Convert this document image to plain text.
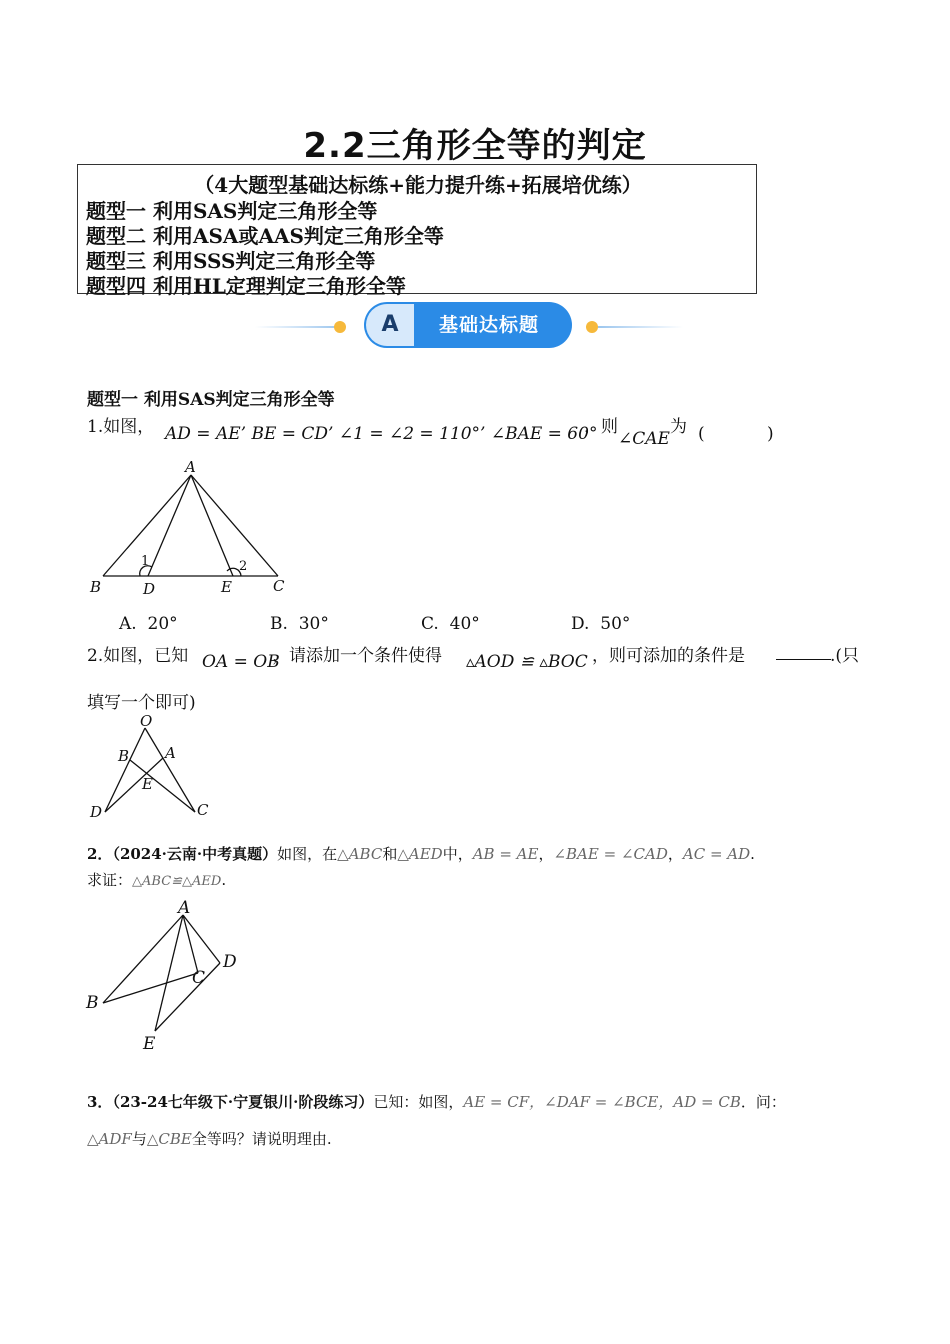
2.2三角形全等的判定
（4大题型基础达标练+能力提升练+拓展培优练）
题型一 利用SAS判定三角形全等
题型二 利用ASA或AAS判定三角形全等
题型三 利用SSS判定三角形全等
题型四 利用HL定理判定三角形全等
A	基础达标题
题型一 利用SAS判定三角形全等
1.如图， AD = AE’ BE = CD’ ∠1 = ∠2 = 110°’ ∠BAE = 60°
，则∠CAE为 (	)
A
B	D	E	C
1	2
A. 20°	B. 30°	C. 40°	D. 50°
2.如图，已知 OA = OB
，请添加一个条件使得 ▵AOD ≌ ▵BOC ，则可添加的条件是	.(只
填写一个即可)
O
B A
E
D	C
2．（2024·云南·中考真题）如图，在△ABC和△AED中，AB = AE，∠BAE = ∠CAD，AC = AD.
求证：△ABC≌△AED.
A
D
C
B
E
3．（23-24七年级下·宁夏银川·阶段练习）已知：如图，AE = CF，∠DAF = ∠BCE，AD = CB．问：
△ADF与△CBE全等吗？请说明理由.
